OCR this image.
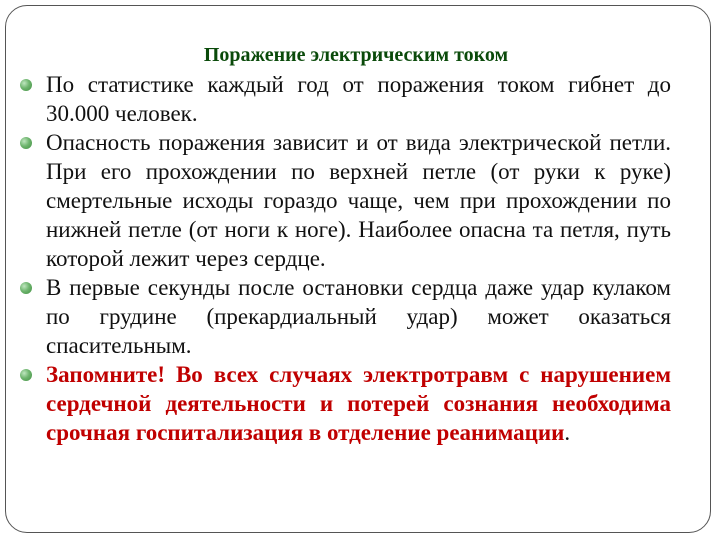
Поражение электрическим током
По статистике каждый год от поражения током гибнет до 30.000 человек.
Опасность поражения зависит и от вида электрической петли. При его прохождении по верхней петле (от руки к руке) смертельные исходы гораздо чаще, чем при прохождении по нижней петле (от ноги к ноге). Наиболее опасна та петля, путь которой лежит через сердце.
В первые секунды после остановки сердца даже удар кулаком по грудине (прекардиальный удар) может оказаться спасительным.
Запомните! Во всех случаях электротравм с нарушением сердечной деятельности и потерей сознания необходима срочная госпитализация в отделение реанимации.
